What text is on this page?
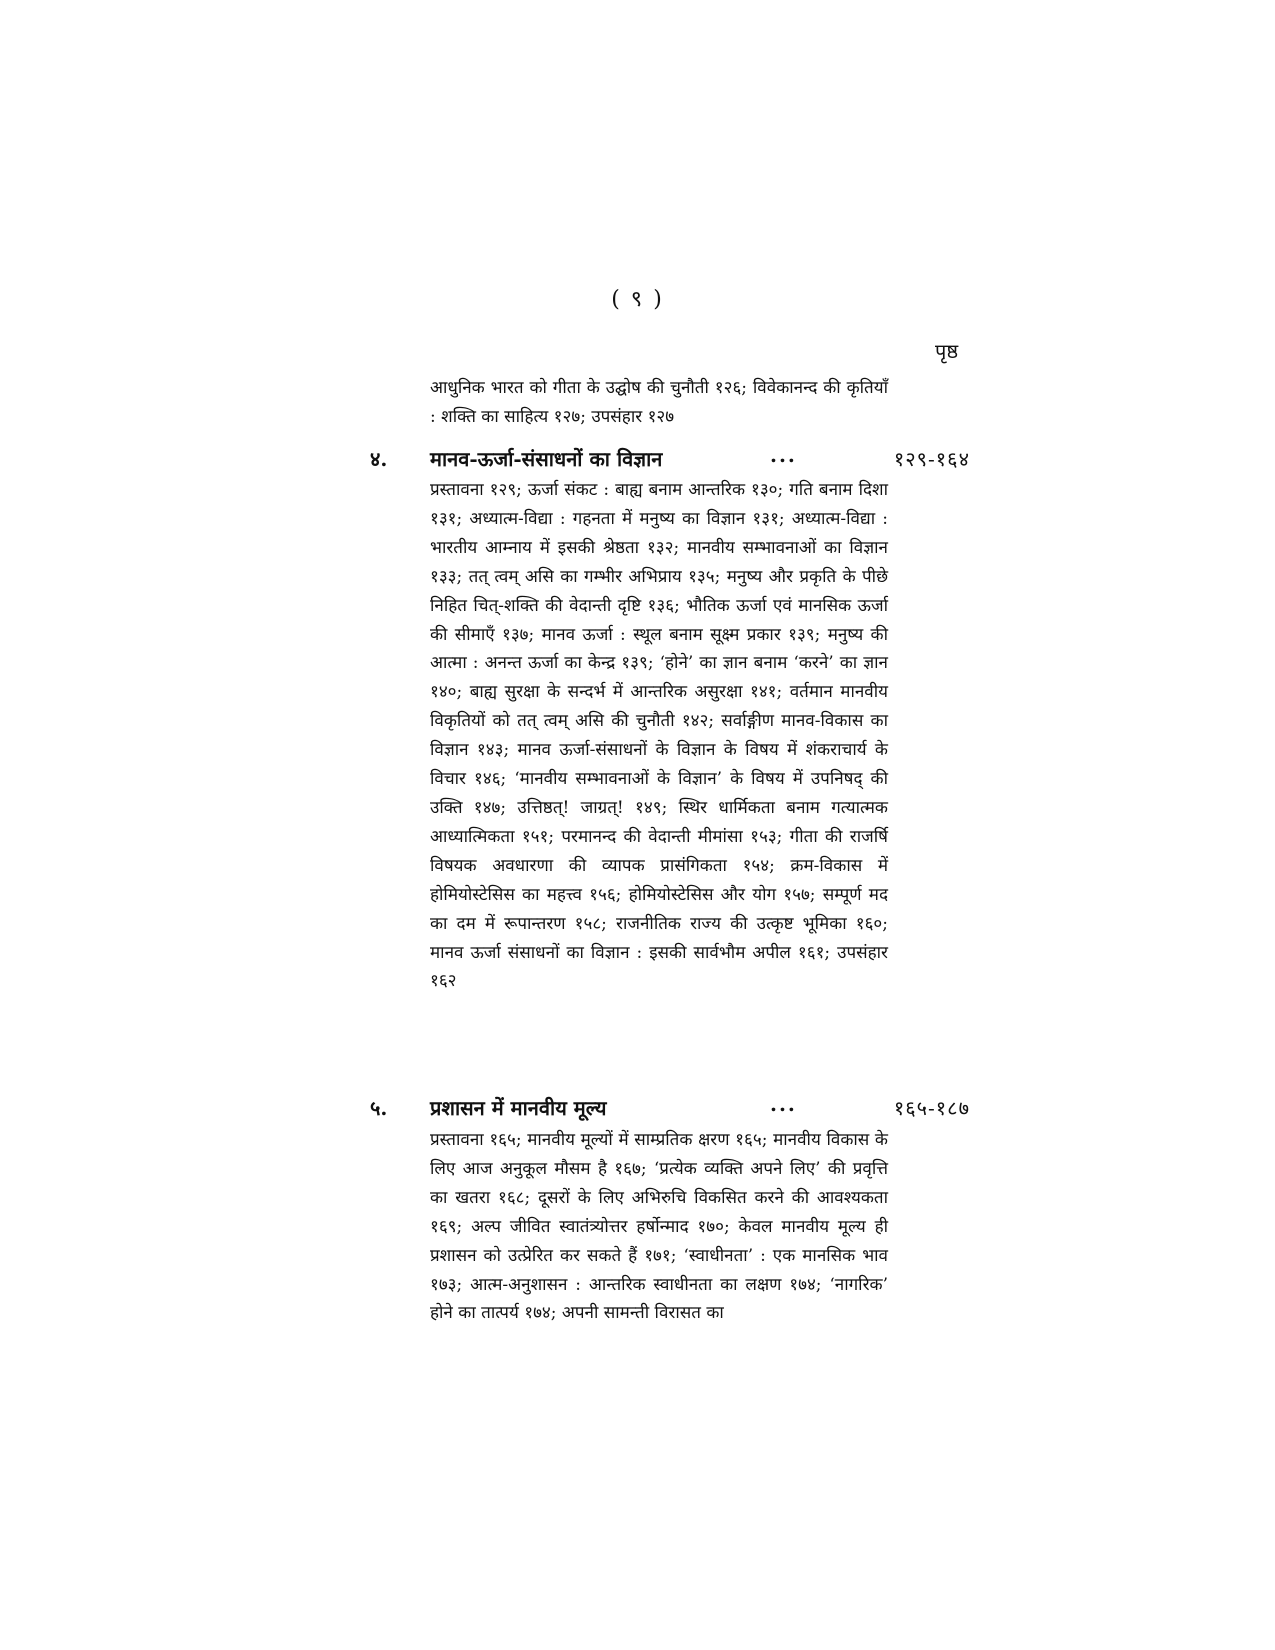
( ९ )
पृष्ठ
आधुनिक भारत को गीता के उद्घोष की चुनौती १२६; विवेकानन्द की कृतियाँ : शक्ति का साहित्य १२७; उपसंहार १२७
४. मानव-ऊर्जा-संसाधनों का विज्ञान	...	१२९-१६४
प्रस्तावना १२९; ऊर्जा संकट : बाह्य बनाम आन्तरिक १३०; गति बनाम दिशा १३१; अध्यात्म-विद्या : गहनता में मनुष्य का विज्ञान १३१; अध्यात्म-विद्या : भारतीय आम्नाय में इसकी श्रेष्ठता १३२; मानवीय सम्भावनाओं का विज्ञान १३३; तत् त्वम् असि का गम्भीर अभिप्राय १३५; मनुष्य और प्रकृति के पीछे निहित चित्-शक्ति की वेदान्ती दृष्टि १३६; भौतिक ऊर्जा एवं मानसिक ऊर्जा की सीमाएँ १३७; मानव ऊर्जा : स्थूल बनाम सूक्ष्म प्रकार १३९; मनुष्य की आत्मा : अनन्त ऊर्जा का केन्द्र १३९; ‘होने’ का ज्ञान बनाम ‘करने’ का ज्ञान १४०; बाह्य सुरक्षा के सन्दर्भ में आन्तरिक असुरक्षा १४१; वर्तमान मानवीय विकृतियों को तत् त्वम् असि की चुनौती १४२; सर्वाङ्गीण मानव-विकास का विज्ञान १४३; मानव ऊर्जा-संसाधनों के विज्ञान के विषय में शंकराचार्य के विचार १४६; ‘मानवीय सम्भावनाओं के विज्ञान’ के विषय में उपनिषद् की उक्ति १४७; उत्तिष्ठत्! जाग्रत्! १४९; स्थिर धार्मिकता बनाम गत्यात्मक आध्यात्मिकता १५१; परमानन्द की वेदान्ती मीमांसा १५३; गीता की राजर्षि विषयक अवधारणा की व्यापक प्रासंगिकता १५४; क्रम-विकास में होमियोस्टेसिस का महत्त्व १५६; होमियोस्टेसिस और योग १५७; सम्पूर्ण मद का दम में रूपान्तरण १५८; राजनीतिक राज्य की उत्कृष्ट भूमिका १६०; मानव ऊर्जा संसाधनों का विज्ञान : इसकी सार्वभौम अपील १६१; उपसंहार १६२
५. प्रशासन में मानवीय मूल्य	...	१६५-१८७
प्रस्तावना १६५; मानवीय मूल्यों में साम्प्रतिक क्षरण १६५; मानवीय विकास के लिए आज अनुकूल मौसम है १६७; ‘प्रत्येक व्यक्ति अपने लिए’ की प्रवृत्ति का खतरा १६८; दूसरों के लिए अभिरुचि विकसित करने की आवश्यकता १६९; अल्प जीवित स्वातंत्र्योत्तर हर्षोन्माद १७०; केवल मानवीय मूल्य ही प्रशासन को उत्प्रेरित कर सकते हैं १७१; ‘स्वाधीनता’ : एक मानसिक भाव १७३; आत्म-अनुशासन : आन्तरिक स्वाधीनता का लक्षण १७४; ‘नागरिक’ होने का तात्पर्य १७४; अपनी सामन्ती विरासत का
